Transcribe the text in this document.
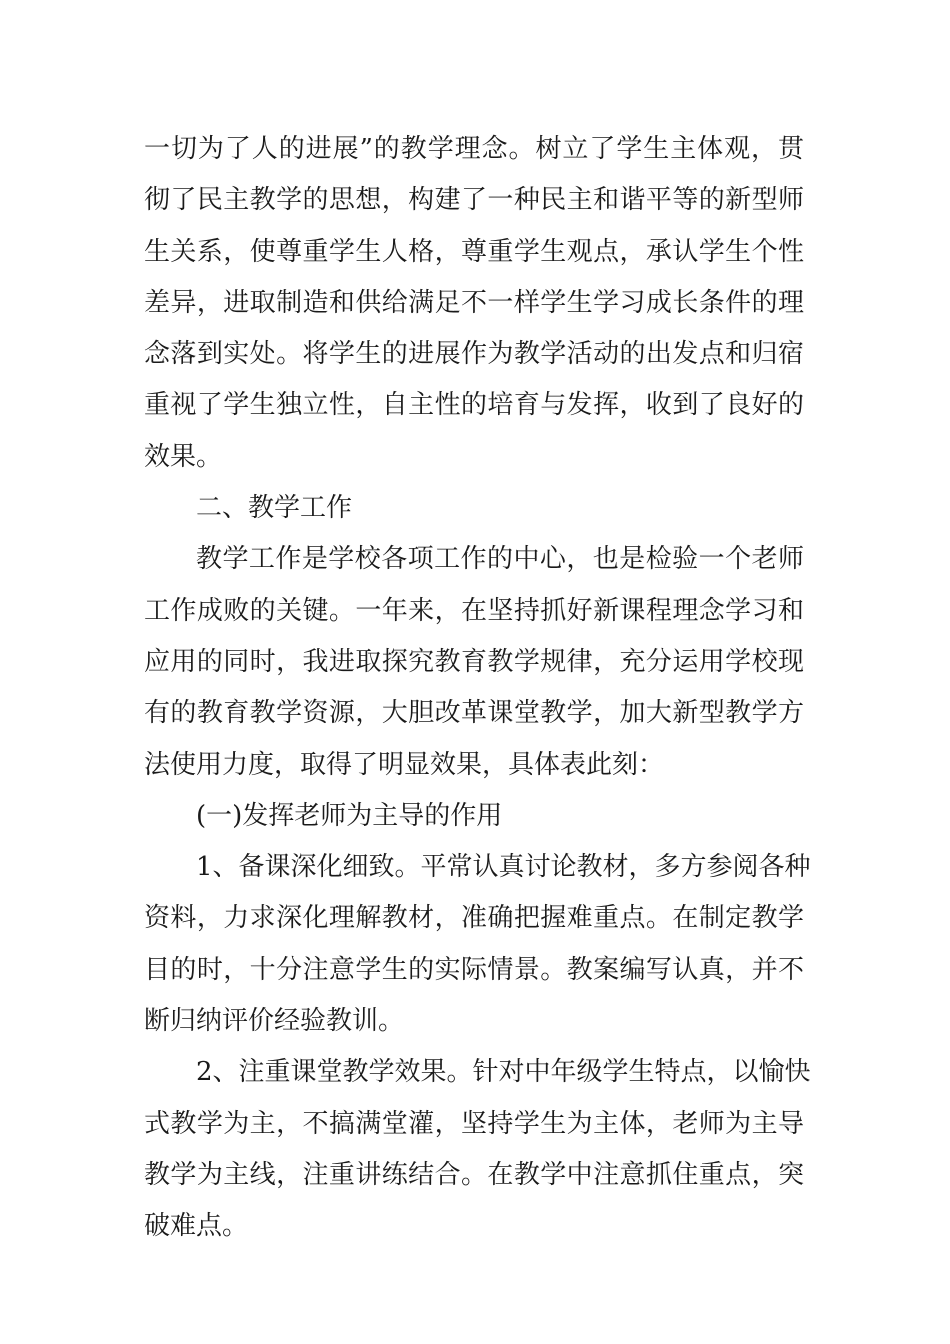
一切为了人的进展”的教学理念。树立了学生主体观，贯
彻了民主教学的思想，构建了一种民主和谐平等的新型师
生关系，使尊重学生人格，尊重学生观点，承认学生个性
差异，进取制造和供给满足不一样学生学习成长条件的理
念落到实处。将学生的进展作为教学活动的出发点和归宿
重视了学生独立性，自主性的培育与发挥，收到了良好的
效果。
二、教学工作
教学工作是学校各项工作的中心，也是检验一个老师
工作成败的关键。一年来，在坚持抓好新课程理念学习和
应用的同时，我进取探究教育教学规律，充分运用学校现
有的教育教学资源，大胆改革课堂教学，加大新型教学方
法使用力度，取得了明显效果，具体表此刻：
(一)发挥老师为主导的作用
1、备课深化细致。平常认真讨论教材，多方参阅各种
资料，力求深化理解教材，准确把握难重点。在制定教学
目的时，十分注意学生的实际情景。教案编写认真，并不
断归纳评价经验教训。
2、注重课堂教学效果。针对中年级学生特点，以愉快
式教学为主，不搞满堂灌，坚持学生为主体，老师为主导
教学为主线，注重讲练结合。在教学中注意抓住重点，突
破难点。
